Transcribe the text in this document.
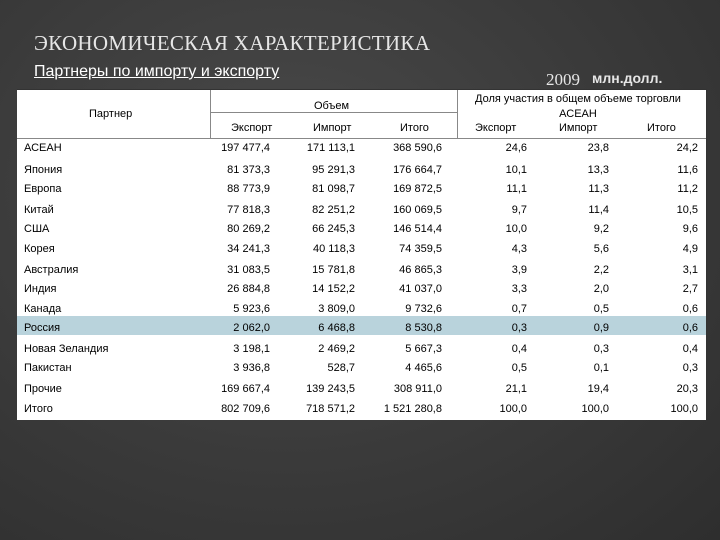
ЭКОНОМИЧЕСКАЯ ХАРАКТЕРИСТИКА
Партнеры по импорту и экспорту	2009 млн.долл.
Партнер
Объем
Доля участия в общем объеме торговли АСЕАН
Экспорт	Импорт	Итого	Экспорт	Импорт	Итого
АСЕАН	197 477,4	171 113,1	368 590,6	24,6	23,8	24,2
Япония	81 373,3	95 291,3	176 664,7	10,1	13,3	11,6
Европа	88 773,9	81 098,7	169 872,5	11,1	11,3	11,2
Китай	77 818,3	82 251,2	160 069,5	9,7	11,4	10,5
США	80 269,2	66 245,3	146 514,4	10,0	9,2	9,6
Корея	34 241,3	40 118,3	74 359,5	4,3	5,6	4,9
Австралия	31 083,5	15 781,8	46 865,3	3,9	2,2	3,1
Индия	26 884,8	14 152,2	41 037,0	3,3	2,0	2,7
Канада	5 923,6	3 809,0	9 732,6	0,7	0,5	0,6
Россия	2 062,0	6 468,8	8 530,8	0,3	0,9	0,6
Новая Зеландия	3 198,1	2 469,2	5 667,3	0,4	0,3	0,4
Пакистан	3 936,8	528,7	4 465,6	0,5	0,1	0,3
Прочие	169 667,4	139 243,5	308 911,0	21,1	19,4	20,3
Итого	802 709,6	718 571,2	1 521 280,8	100,0	100,0	100,0
